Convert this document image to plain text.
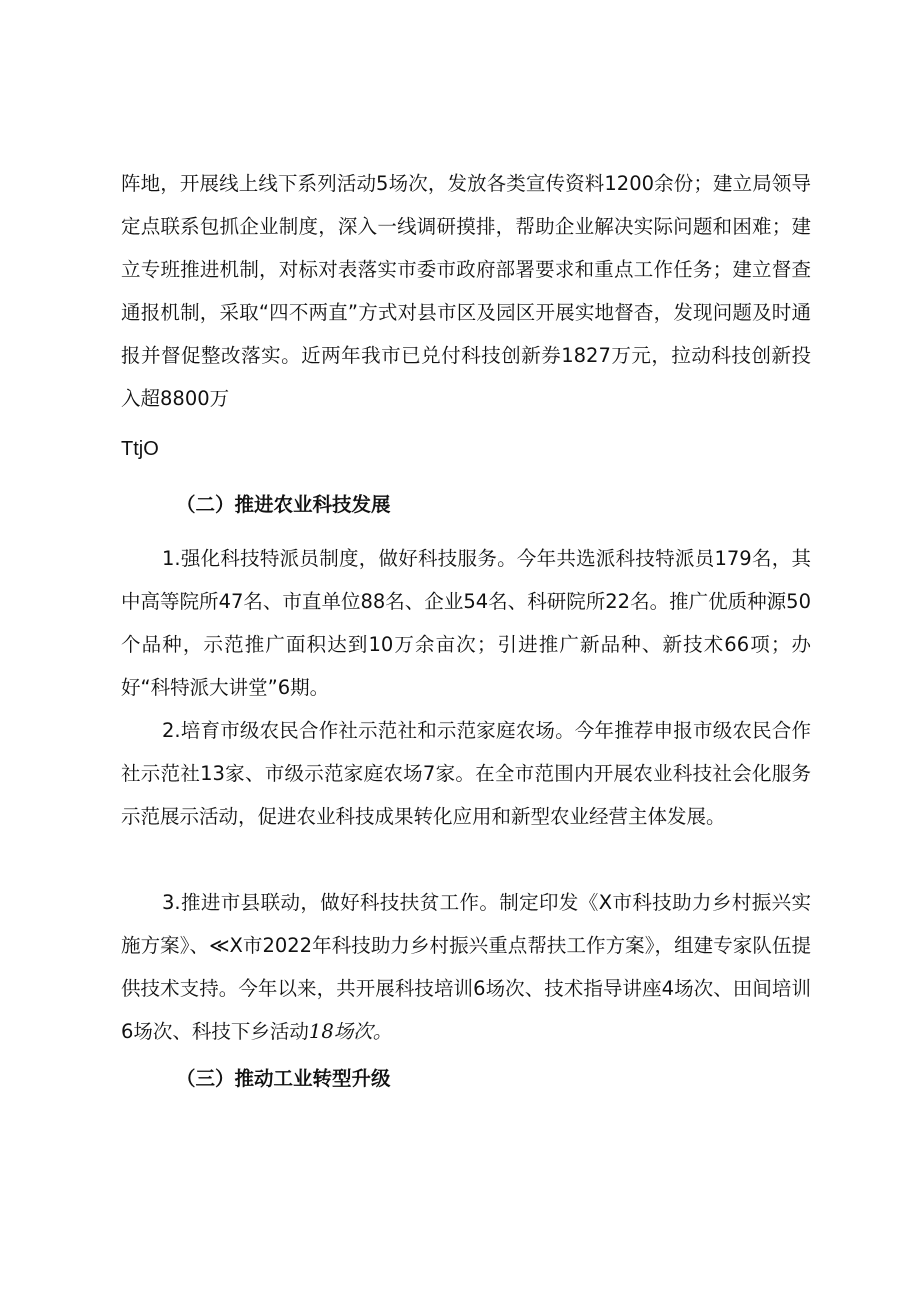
阵地，开展线上线下系列活动5场次，发放各类宣传资料1200余份；建立局领导定点联系包抓企业制度，深入一线调研摸排，帮助企业解决实际问题和困难；建立专班推进机制，对标对表落实市委市政府部署要求和重点工作任务；建立督查通报机制，采取“四不两直”方式对县市区及园区开展实地督杳，发现问题及时通报并督促整改落实。近两年我市已兑付科技创新券1827万元，拉动科技创新投入超8800万

TtjO

（二）推进农业科技发展

1.强化科技特派员制度，做好科技服务。今年共选派科技特派员179名，其中高等院所47名、市直单位88名、企业54名、科研院所22名。推广优质种源50个品种，示范推广面积达到10万余亩次；引进推广新品种、新技术66项；办好“科特派大讲堂”6期。

2.培育市级农民合作社示范社和示范家庭农场。今年推荐申报市级农民合作社示范社13家、市级示范家庭农场7家。在全市范围内开展农业科技社会化服务示范展示活动，促进农业科技成果转化应用和新型农业经营主体发展。

3.推进市县联动，做好科技扶贫工作。制定印发《X市科技助力乡村振兴实施方案》、≪X市2022年科技助力乡村振兴重点帮扶工作方案》，组建专家队伍提供技术支持。今年以来，共开展科技培训6场次、技术指导讲座4场次、田间培训6场次、科技下乡活动18场次。

（三）推动工业转型升级
